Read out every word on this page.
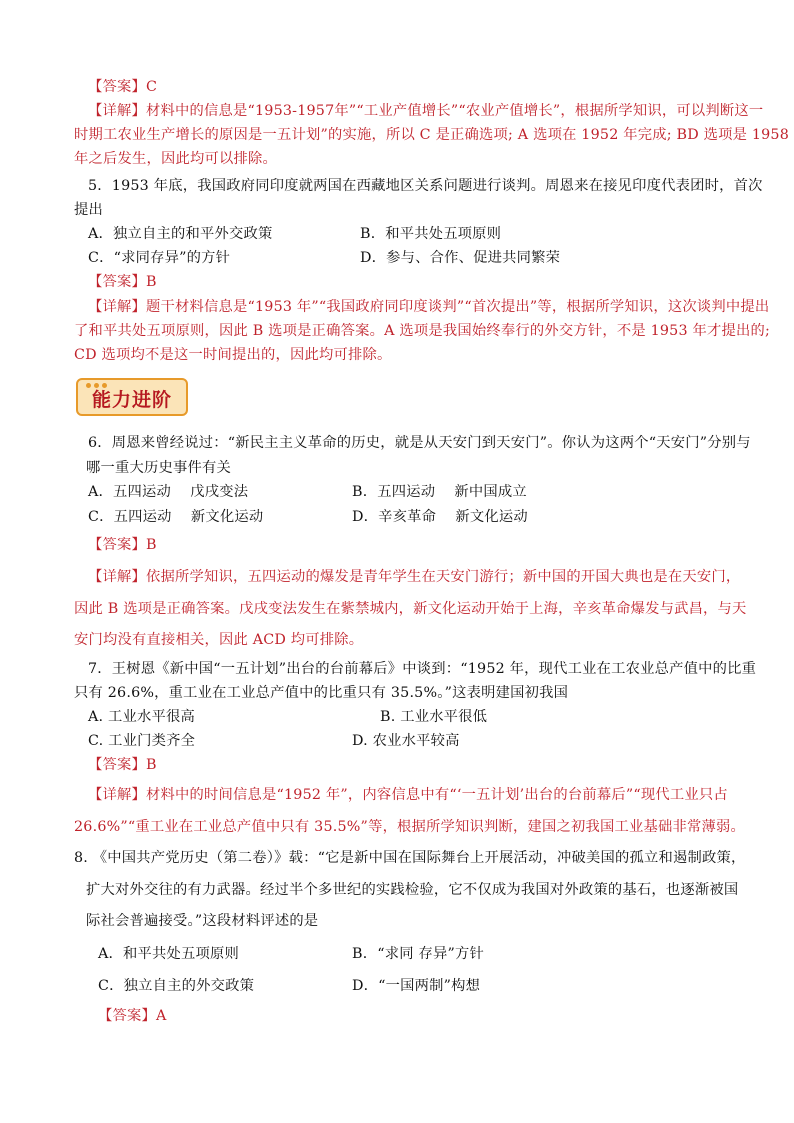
【答案】C
【详解】材料中的信息是“1953-1957年”“工业产值增长”“农业产值增长”，根据所学知识，可以判断这一
时期工农业生产增长的原因是一五计划”的实施，所以 C 是正确选项; A 选项在 1952 年完成; BD 选项是 1958
年之后发生，因此均可以排除。
5．1953 年底，我国政府同印度就两国在西藏地区关系问题进行谈判。周恩来在接见印度代表团时，首次
提出
A．独立自主的和平外交政策	B．和平共处五项原则
C．“求同存异”的方针	D．参与、合作、促进共同繁荣
【答案】B
【详解】题干材料信息是“1953 年”“我国政府同印度谈判”“首次提出”等，根据所学知识，这次谈判中提出
了和平共处五项原则，因此 B 选项是正确答案。A 选项是我国始终奉行的外交方针，不是 1953 年才提出的;
CD 选项均不是这一时间提出的，因此均可排除。
能力进阶
6．周恩来曾经说过：“新民主主义革命的历史，就是从天安门到天安门”。你认为这两个“天安门”分别与
哪一重大历史事件有关
A．五四运动　 戊戌变法	B．五四运动　 新中国成立
C．五四运动　 新文化运动	D．辛亥革命　 新文化运动
【答案】B
【详解】依据所学知识，五四运动的爆发是青年学生在天安门游行；新中国的开国大典也是在天安门，
因此 B 选项是正确答案。戊戌变法发生在紫禁城内，新文化运动开始于上海，辛亥革命爆发与武昌，与天
安门均没有直接相关，因此 ACD 均可排除。
7．王树恩《新中国“一五计划”出台的台前幕后》中谈到：“1952 年，现代工业在工农业总产值中的比重
只有 26.6%，重工业在工业总产值中的比重只有 35.5%。”这表明建国初我国
A. 工业水平很高	B. 工业水平很低
C. 工业门类齐全	D. 农业水平较高
【答案】B
【详解】材料中的时间信息是“1952 年”，内容信息中有“‘一五计划’出台的台前幕后”“现代工业只占
26.6%”“重工业在工业总产值中只有 35.5%”等，根据所学知识判断，建国之初我国工业基础非常薄弱。
8. 《中国共产党历史（第二卷）》载：“它是新中国在国际舞台上开展活动，冲破美国的孤立和遏制政策，
扩大对外交往的有力武器。经过半个多世纪的实践检验，它不仅成为我国对外政策的基石，也逐渐被国
际社会普遍接受。”这段材料评述的是
A．和平共处五项原则	B．“求同 存异”方针
C．独立自主的外交政策	D．“一国两制”构想
【答案】A
